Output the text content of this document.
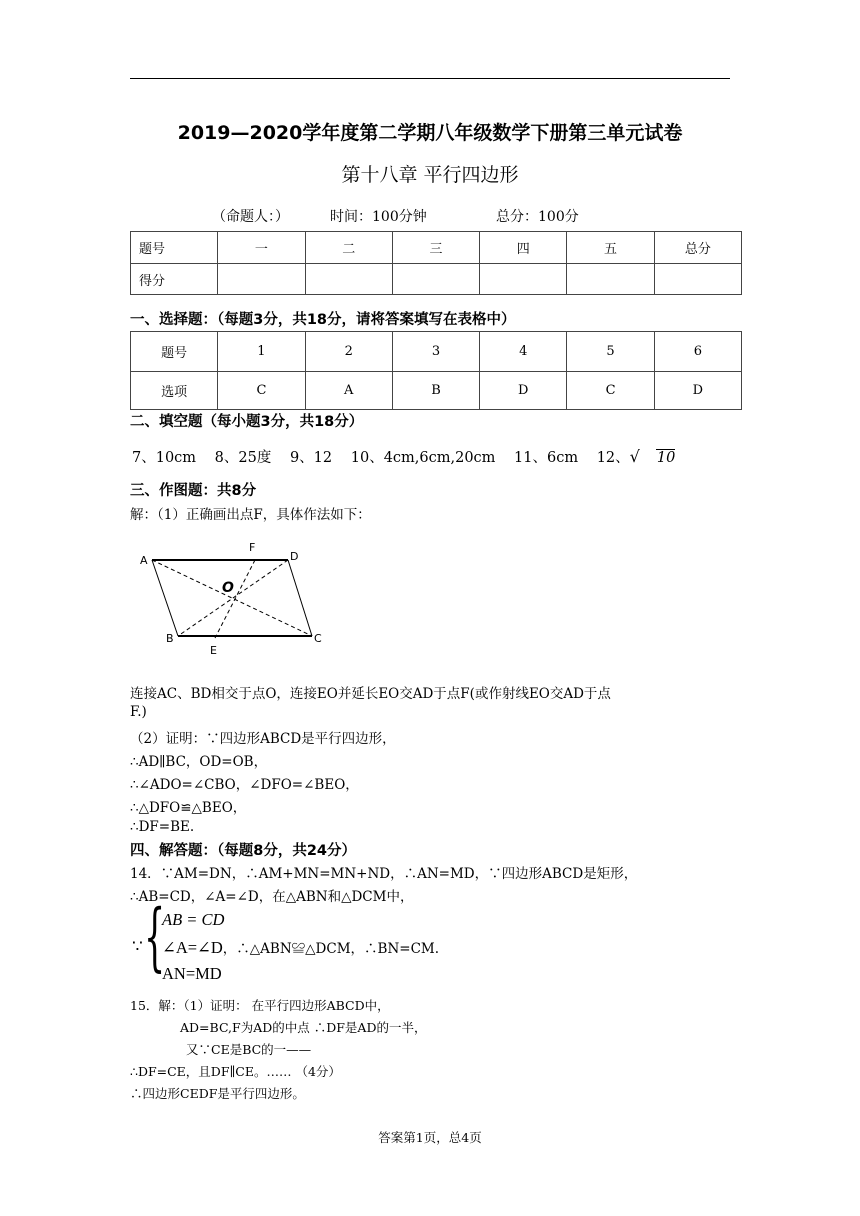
2019—2020学年度第二学期八年级数学下册第三单元试卷
第十八章 平行四边形
（命题人：）	时间：100分钟	总分：100分
题号	一	二	三	四	五	总分
得分						
一、选择题：（每题3分，共18分，请将答案填写在表格中）
题号	1	2	3	4	5	6
选项	C	A	B	D	C	D
二、填空题（每小题3分，共18分）
7、10cm 8、25度 9、12 10、4cm,6cm,20cm 11、6cm 12、√ 10
三、作图题：共8分
解：（1）正确画出点F，具体作法如下：
A	D
F
B	C
E
O
连接AC、BD相交于点O，连接EO并延长EO交AD于点F(或作射线EO交AD于点
F.)
（2）证明：∵四边形ABCD是平行四边形，
∴AD∥BC，OD=OB，
∴∠ADO=∠CBO，∠DFO=∠BEO，
∴△DFO≌△BEO，
∴DF=BE.
四、解答题：（每题8分，共24分）
14．∵AM=DN，∴AM+MN=MN+ND，∴AN=MD，∵四边形ABCD是矩形，
∴AB=CD，∠A=∠D，在△ABN和△DCM中，
∵ {
AB = CD
∠A=∠D，∴△ABN≌△DCM，∴BN=CM.
AN=MD
15．解：（1）证明： 在平行四边形ABCD中，
AD=BC,F为AD的中点 ∴DF是AD的一半，
又∵CE是BC的一——
∴DF=CE，且DF∥CE。…… （4分）
∴四边形CEDF是平行四边形。
答案第1页，总4页
